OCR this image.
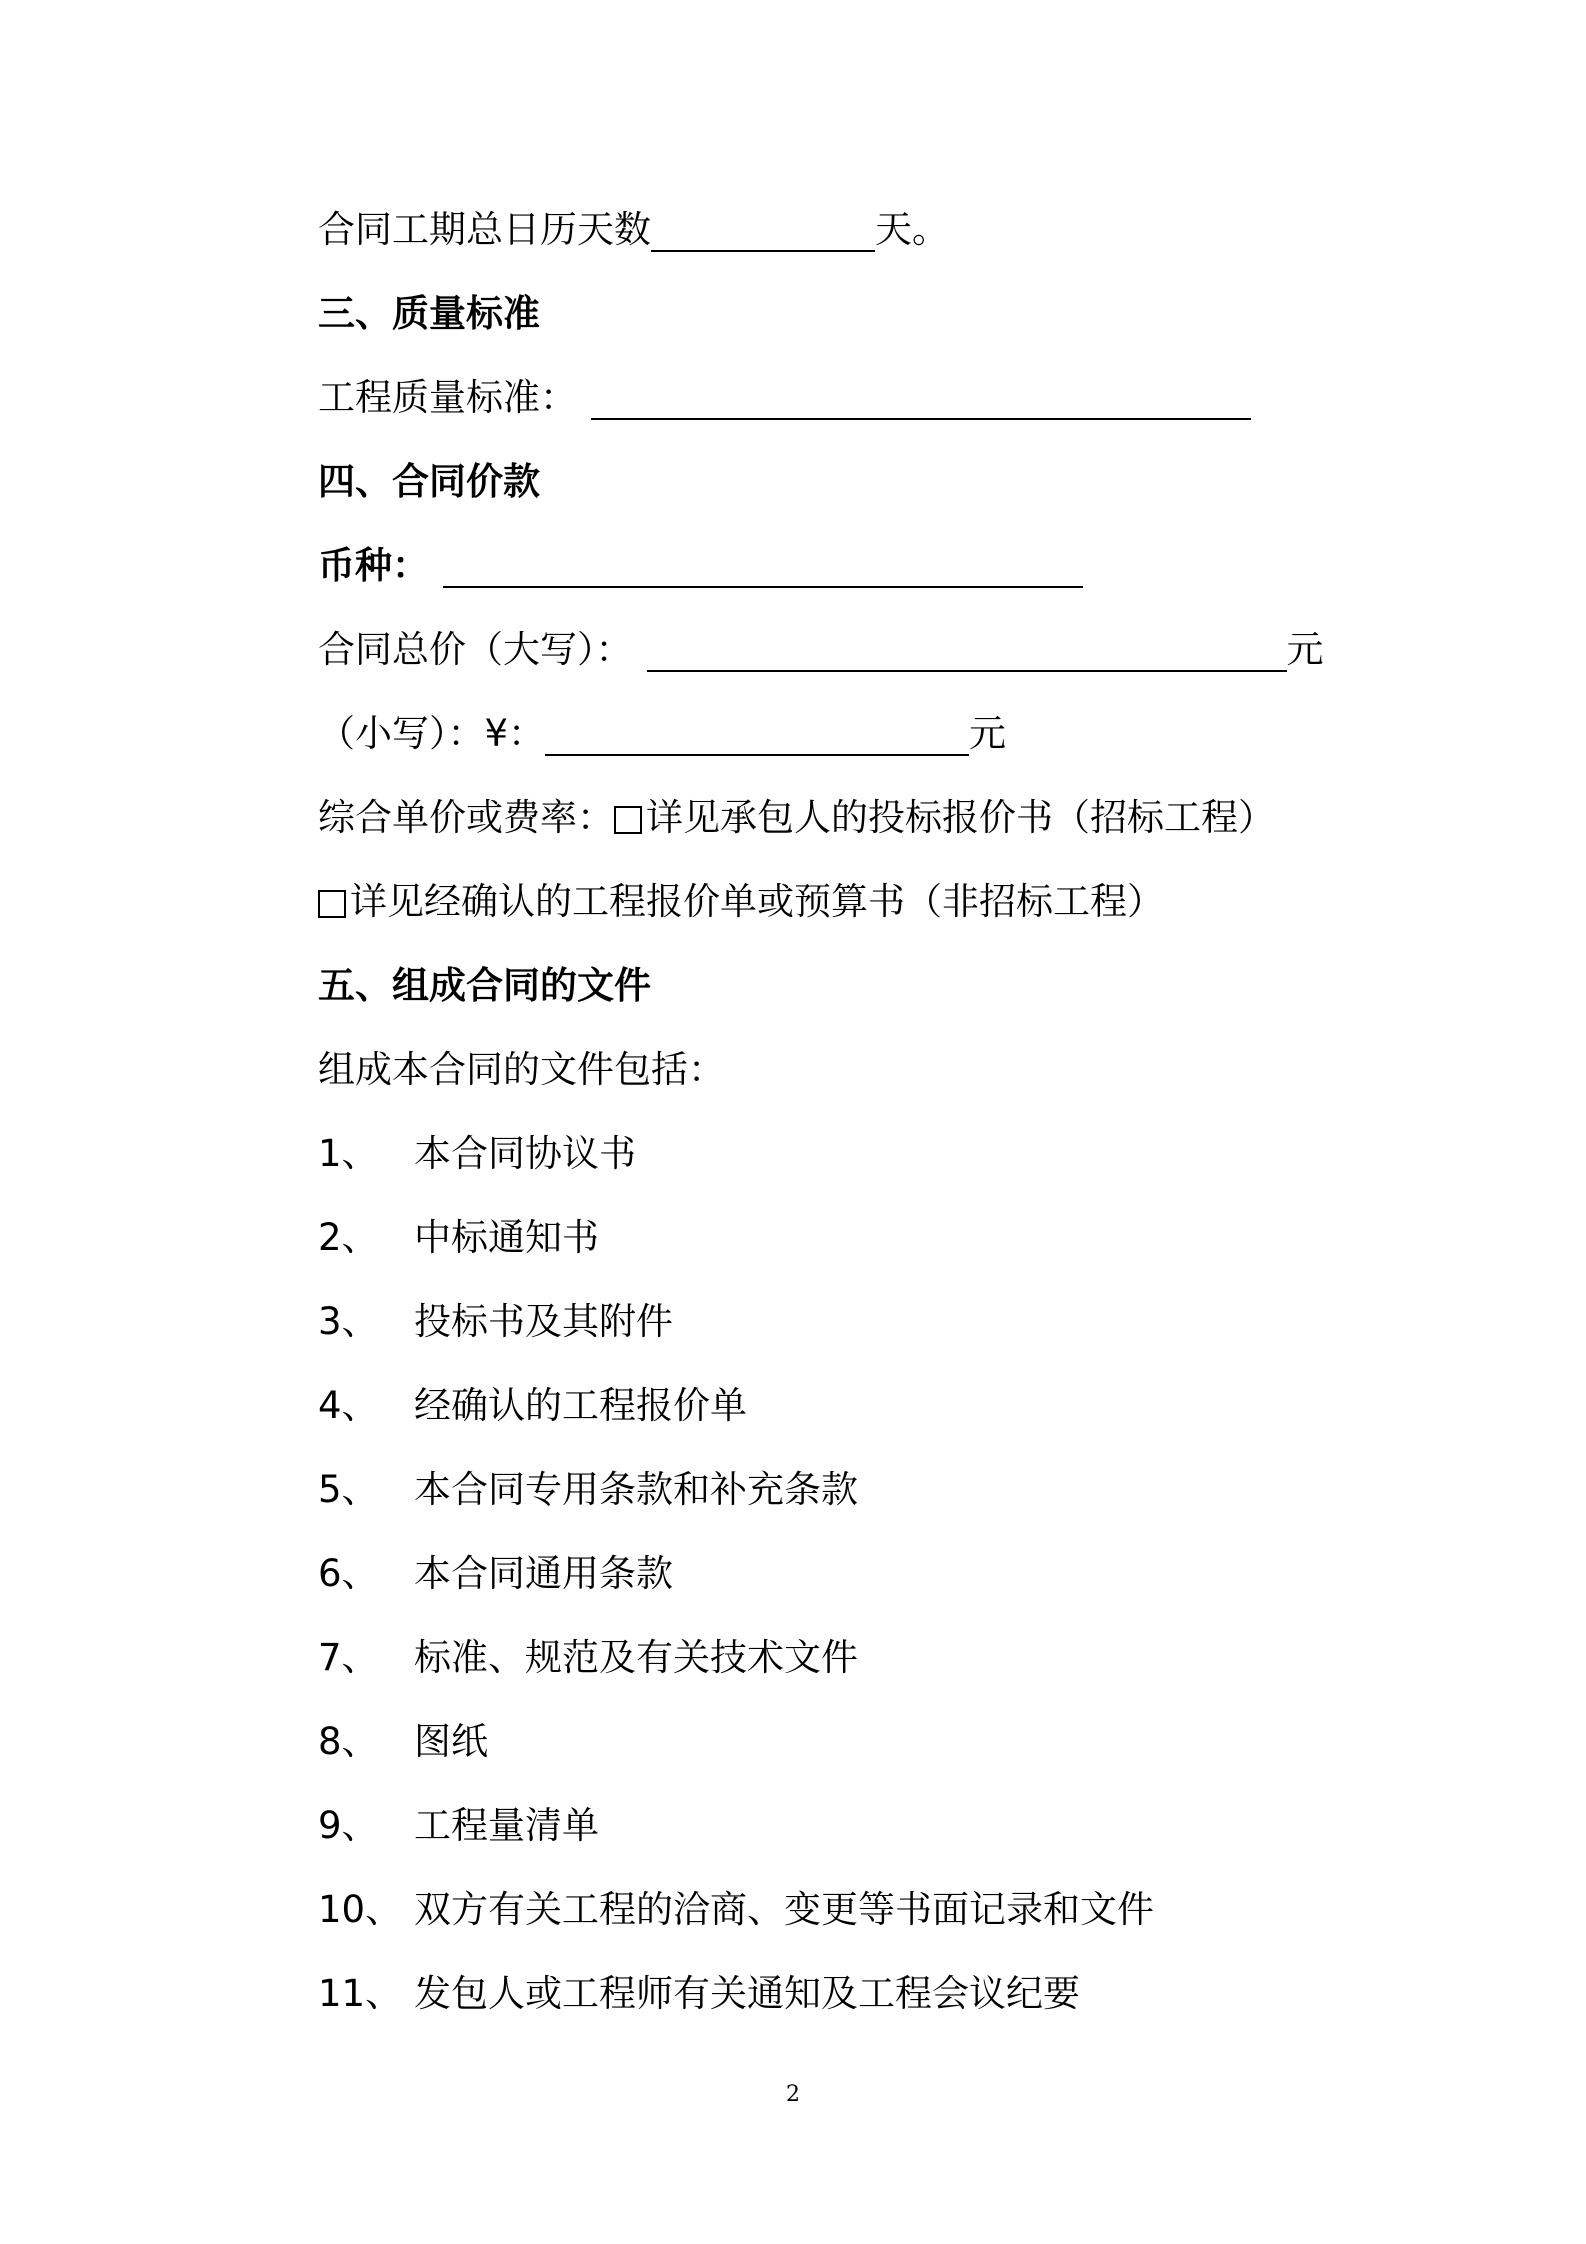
合同工期总日历天数	天。
三、质量标准
工程质量标准：
四、合同价款
币种：
合同总价（大写）：	元
（小写）：¥：	元
综合单价或费率： 详见承包人的投标报价书（招标工程）
详见经确认的工程报价单或预算书（非招标工程）
五、组成合同的文件
组成本合同的文件包括：
1、 本合同协议书
2、 中标通知书
3、 投标书及其附件
4、 经确认的工程报价单
5、 本合同专用条款和补充条款
6、 本合同通用条款
7、 标准、规范及有关技术文件
8、 图纸
9、 工程量清单
10、 双方有关工程的洽商、变更等书面记录和文件
11、 发包人或工程师有关通知及工程会议纪要
2
